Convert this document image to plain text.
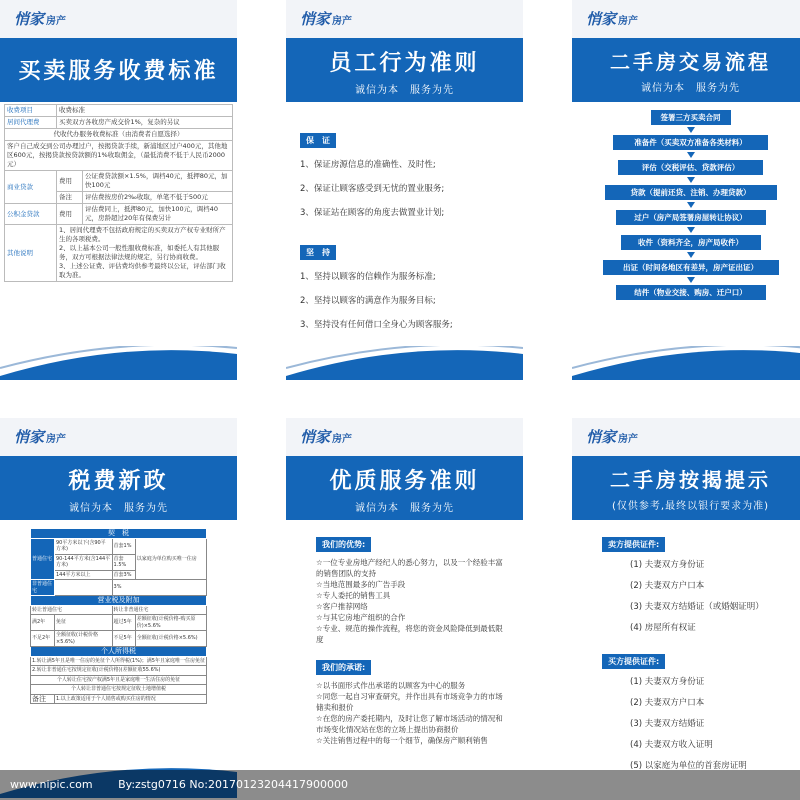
悄家 房产
买卖服务收费标准
收费项目	收费标准	
居间代理费	买卖双方各收房产成交价1%，复杂的另议	
代收代办服务收费标准（由消费者自愿选择）		
客户自己成交到公司办理过户，按揭贷款手续，新浦地区过户400元，其他地区600元，按揭贷款按贷款额的1%收取佣金，（最低消费不低于人民币2000元）		
商业贷款	费用	公证费贷款额×1.5%，调档40元，抵押80元，加快100元
	备注	评估费按房价2‰收取，单笔不低于500元
公积金贷款	费用	评估费同上，抵押80元，加快100元，调档40元，房龄超过20年有保费另计
其他说明	1、居间代理费不包括政府规定的买卖双方产权专业财所产生的各项税费。
2、以上基本公司一般性服收费标准，如委托人有其他服务，双方可根据法律法规的规定，另行协商收费。
3、上述公证费、评估费均供参考最终以公证，评估部门收取为准。	
悄家 房产
员工行为准则
诚信为本　服务为先
保　证
1、保证房源信息的准确性、及时性;
2、保证让顾客感受到无忧的置业服务;
3、保证站在顾客的角度去做置业计划;
坚　持
1、坚持以顾客的信赖作为服务标准;
2、坚持以顾客的满意作为服务目标;
3、坚持没有任何借口全身心为顾客服务;
悄家 房产
二手房交易流程
诚信为本　服务为先
签署三方买卖合同
准备件（买卖双方准备各类材料）
评估（交税评估、贷款评估）
贷款（提前还贷、注销、办理贷款）
过户（房产局签署房屋转让协议）
收件（资料齐全，房产局收件）
出证（时间各地区有差异，房产证出证）
结件（物业交接、购房、迁户口）
悄家 房产
税费新政
诚信为本　服务为先
契　税			
普通住宅	90平方米以下(含90平方米)	首套1%	以家庭为单位购买唯一住房
	90-144平方米(含144平方米)	首套1.5%	
	144平方米以上	首套3%	
非普通住宅		3%	
营业税及附加			
转让普通住宅		转让非普通住宅	
满2年	免征	超过5年	差额征收(计税价格-购买原价)×5.6%
不足2年	全额征收(计税价格×5.6%)	不足5年	全额征收(计税价格×5.6%)
个人所得税			
1.转让满5年且是唯一住房的免征个人所得税(1%)；满5年且家庭唯一住房免征			
2.转让非普通住宅按规定征收(计税价格)(差额征收55.6%)			
个人转让住宅按产权满5年且是家庭唯一生活住房的免征			
个人转让非普通住宅按规定征收土地增值税			
备注	1.以上政策适用于个人销售或购买住房的情况		
悄家 房产
优质服务准则
诚信为本　服务为先
我们的优势:
☆一位专业房地产经纪人的悉心努力，以及一个经验丰富的销售团队的支持
☆当地范围最多的广告手段
☆专人委托的销售工具
☆客户推荐网络
☆与其它房地产组织的合作
☆专业、规范的操作流程，将您的资金风险降低到最低限度
我们的承诺:
☆以书面形式作出承诺的以顾客为中心的服务
☆同您一起自习审查研究，并作出具有市场竞争力的市场储卖和报价
☆在您的房产委托期内，及时让您了解市场活动的情况和市场变化情况站在您的立场上提出协商报价
☆关注销售过程中的每一个细节，确保房产顺利销售
悄家 房产
二手房按揭提示
(仅供参考,最终以银行要求为准)
卖方提供证件:
(1) 夫妻双方身份证
(2) 夫妻双方户口本
(3) 夫妻双方结婚证（或婚姻证明）
(4) 房屋所有权证
买方提供证件:
(1) 夫妻双方身份证
(2) 夫妻双方户口本
(3) 夫妻双方结婚证
(4) 夫妻双方收入证明
(5) 以家庭为单位的首套房证明
www.nipic.com By:zstg0716 No:20170123204417900000
